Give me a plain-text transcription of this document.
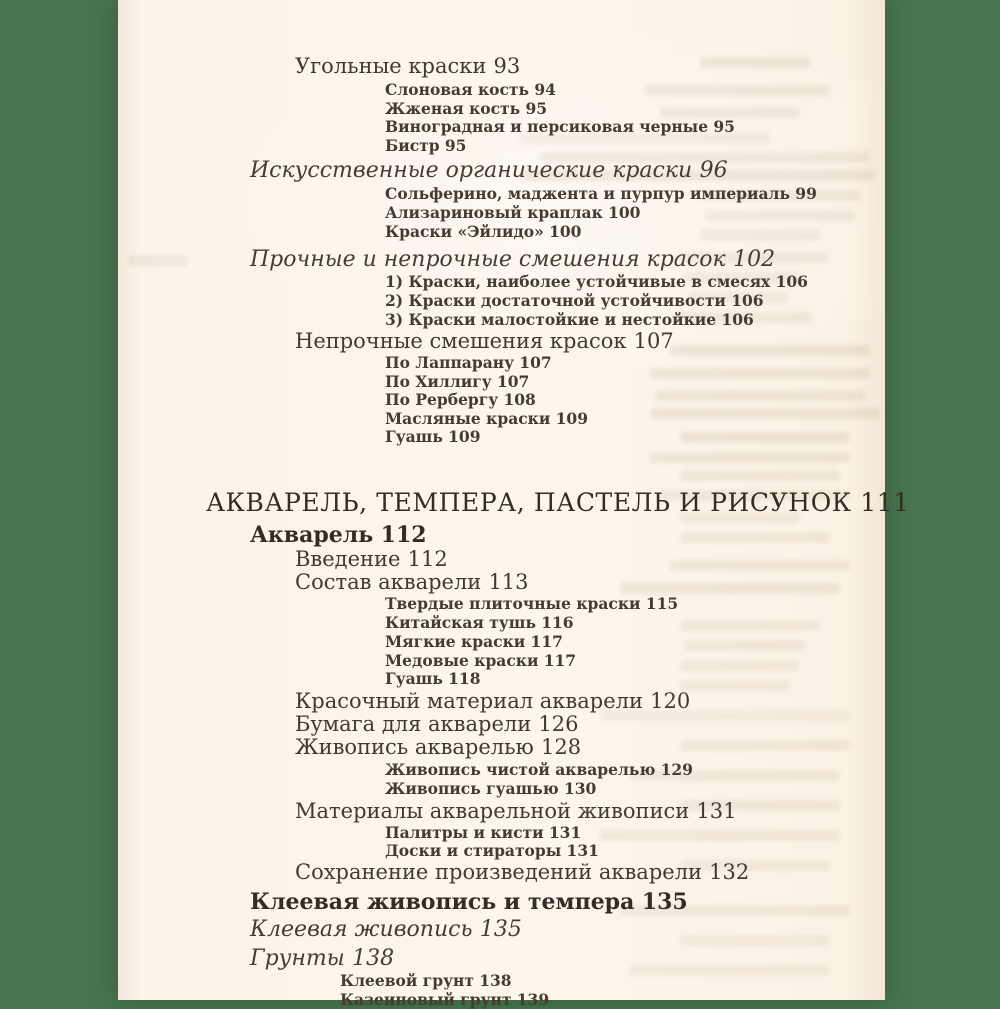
Угольные краски 93
Слоновая кость 94
Жженая кость 95
Виноградная и персиковая черные 95
Бистр 95
Искусственные органические краски 96
Сольферино, маджента и пурпур империаль 99
Ализариновый краплак 100
Краски «Эйлидо» 100
Прочные и непрочные смешения красок 102
1) Краски, наиболее устойчивые в смесях 106
2) Краски достаточной устойчивости 106
3) Краски малостойкие и нестойкие 106
Непрочные смешения красок 107
По Лаппарану 107
По Хиллигу 107
По Рербергу 108
Масляные краски 109
Гуашь 109
АКВАРЕЛЬ, ТЕМПЕРА, ПАСТЕЛЬ И РИСУНОК 111
Акварель 112
Введение 112
Состав акварели 113
Твердые плиточные краски 115
Китайская тушь 116
Мягкие краски 117
Медовые краски 117
Гуашь 118
Красочный материал акварели 120
Бумага для акварели 126
Живопись акварелью 128
Живопись чистой акварелью 129
Живопись гуашью 130
Материалы акварельной живописи 131
Палитры и кисти 131
Доски и стираторы 131
Сохранение произведений акварели 132
Клеевая живопись и темпера 135
Клеевая живопись 135
Грунты 138
Клеевой грунт 138
Казеиновый грунт 139
